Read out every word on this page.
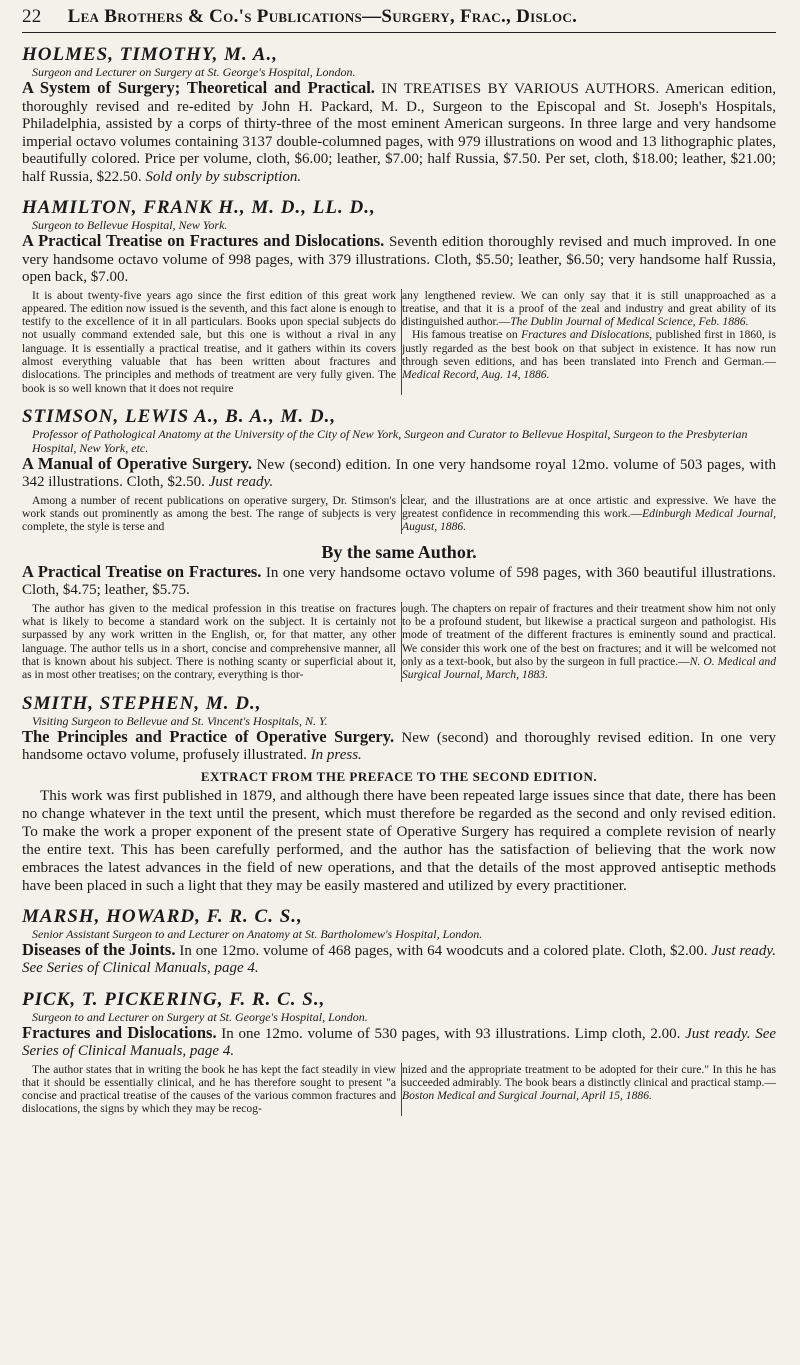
22 Lea Brothers & Co.'s Publications—Surgery, Frac., Disloc.
HOLMES, TIMOTHY, M. A.,
Surgeon and Lecturer on Surgery at St. George's Hospital, London.

A System of Surgery; Theoretical and Practical. IN TREATISES BY VARIOUS AUTHORS. American edition, thoroughly revised and re-edited by John H. Packard, M. D., Surgeon to the Episcopal and St. Joseph's Hospitals, Philadelphia, assisted by a corps of thirty-three of the most eminent American surgeons. In three large and very handsome imperial octavo volumes containing 3137 double-columned pages, with 979 illustrations on wood and 13 lithographic plates, beautifully colored. Price per volume, cloth, $6.00; leather, $7.00; half Russia, $7.50. Per set, cloth, $18.00; leather, $21.00; half Russia, $22.50. Sold only by subscription.

HAMILTON, FRANK H., M. D., LL. D.,
Surgeon to Bellevue Hospital, New York.

A Practical Treatise on Fractures and Dislocations. Seventh edition thoroughly revised and much improved. In one very handsome octavo volume of 998 pages, with 379 illustrations. Cloth, $5.50; leather, $6.50; very handsome half Russia, open back, $7.00.

It is about twenty-five years ago since the first edition of this great work appeared. The edition now issued is the seventh, and this fact alone is enough to testify to the excellence of it in all particulars. Books upon special subjects do not usually command extended sale, but this one is without a rival in any language. It is essentially a practical treatise, and it gathers within its covers almost everything valuable that has been written about fractures and dislocations. The principles and methods of treatment are very fully given. The book is so well known that it does not require

any lengthened review. We can only say that it is still unapproached as a treatise, and that it is a proof of the zeal and industry and great ability of its distinguished author.—The Dublin Journal of Medical Science, Feb. 1886.

His famous treatise on Fractures and Dislocations, published first in 1860, is justly regarded as the best book on that subject in existence. It has now run through seven editions, and has been translated into French and German.—Medical Record, Aug. 14, 1886.

STIMSON, LEWIS A., B. A., M. D.,
Professor of Pathological Anatomy at the University of the City of New York, Surgeon and Curator to Bellevue Hospital, Surgeon to the Presbyterian Hospital, New York, etc.

A Manual of Operative Surgery. New (second) edition. In one very handsome royal 12mo. volume of 503 pages, with 342 illustrations. Cloth, $2.50. Just ready.

Among a number of recent publications on operative surgery, Dr. Stimson's work stands out prominently as among the best. The range of subjects is very complete, the style is terse and

clear, and the illustrations are at once artistic and expressive. We have the greatest confidence in recommending this work.—Edinburgh Medical Journal, August, 1886.

By the same Author.

A Practical Treatise on Fractures. In one very handsome octavo volume of 598 pages, with 360 beautiful illustrations. Cloth, $4.75; leather, $5.75.

The author has given to the medical profession in this treatise on fractures what is likely to become a standard work on the subject. It is certainly not surpassed by any work written in the English, or, for that matter, any other language. The author tells us in a short, concise and comprehensive manner, all that is known about his subject. There is nothing scanty or superficial about it, as in most other treatises; on the contrary, everything is thor-

ough. The chapters on repair of fractures and their treatment show him not only to be a profound student, but likewise a practical surgeon and pathologist. His mode of treatment of the different fractures is eminently sound and practical. We consider this work one of the best on fractures; and it will be welcomed not only as a text-book, but also by the surgeon in full practice.—N. O. Medical and Surgical Journal, March, 1883.

SMITH, STEPHEN, M. D.,
Visiting Surgeon to Bellevue and St. Vincent's Hospitals, N. Y.

The Principles and Practice of Operative Surgery. New (second) and thoroughly revised edition. In one very handsome octavo volume, profusely illustrated. In press.

EXTRACT FROM THE PREFACE TO THE SECOND EDITION.

This work was first published in 1879, and although there have been repeated large issues since that date, there has been no change whatever in the text until the present, which must therefore be regarded as the second and only revised edition. To make the work a proper exponent of the present state of Operative Surgery has required a complete revision of nearly the entire text. This has been carefully performed, and the author has the satisfaction of believing that the work now embraces the latest advances in the field of new operations, and that the details of the most approved antiseptic methods have been placed in such a light that they may be easily mastered and utilized by every practitioner.

MARSH, HOWARD, F. R. C. S.,
Senior Assistant Surgeon to and Lecturer on Anatomy at St. Bartholomew's Hospital, London.

Diseases of the Joints. In one 12mo. volume of 468 pages, with 64 woodcuts and a colored plate. Cloth, $2.00. Just ready. See Series of Clinical Manuals, page 4.

PICK, T. PICKERING, F. R. C. S.,
Surgeon to and Lecturer on Surgery at St. George's Hospital, London.

Fractures and Dislocations. In one 12mo. volume of 530 pages, with 93 illustrations. Limp cloth, 2.00. Just ready. See Series of Clinical Manuals, page 4.

The author states that in writing the book he has kept the fact steadily in view that it should be essentially clinical, and he has therefore sought to present "a concise and practical treatise of the causes of the various common fractures and dislocations, the signs by which they may be recog-

nized and the appropriate treatment to be adopted for their cure." In this he has succeeded admirably. The book bears a distinctly clinical and practical stamp.—Boston Medical and Surgical Journal, April 15, 1886.
